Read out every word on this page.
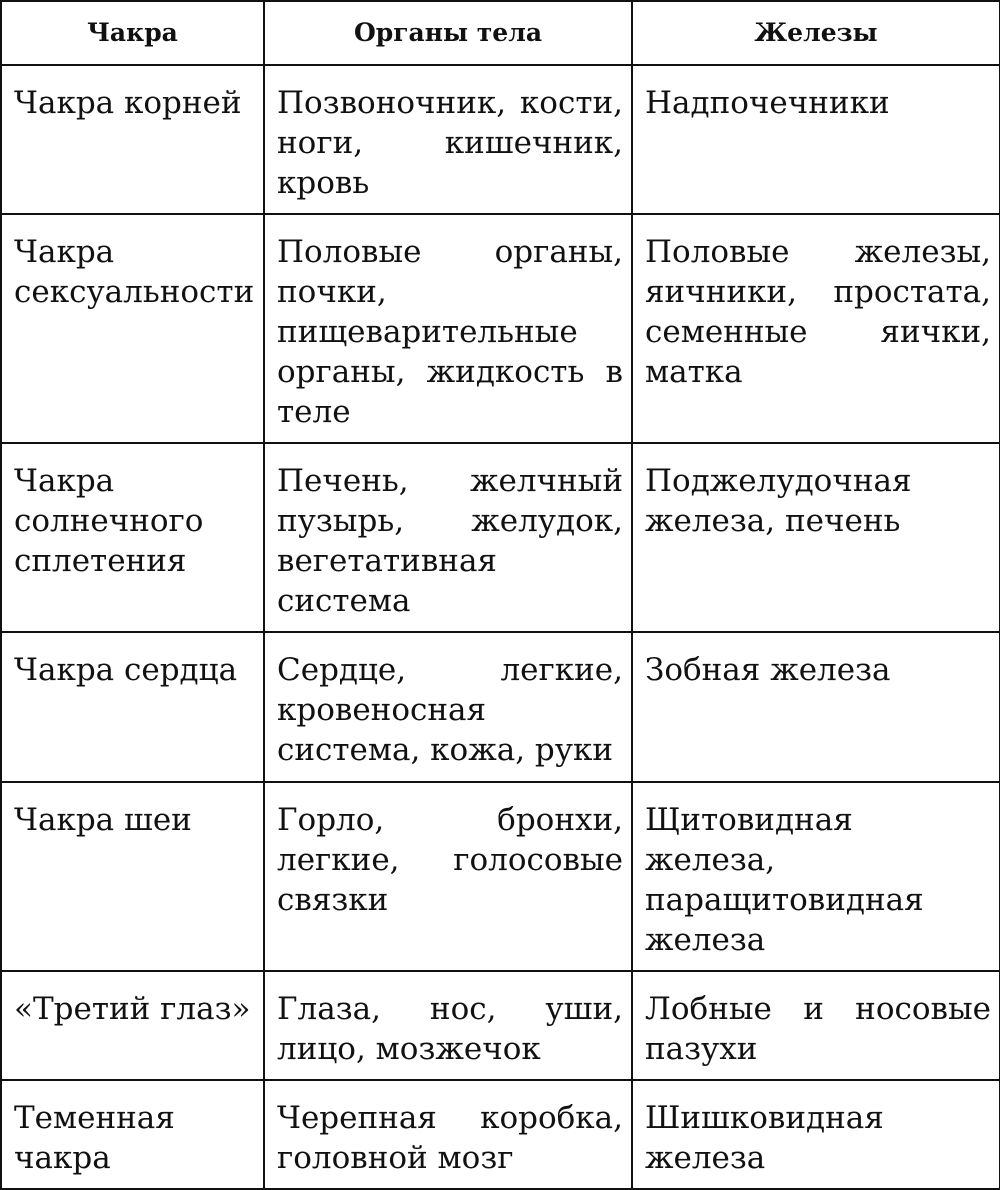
Чакра	Органы тела	Железы

Чакра корней	Позвоночник, кости, ноги, кишечник, кровь	Надпочечники

Чакра сексуальности	Половые органы, почки, пищеварительные органы, жидкость в теле	Половые железы, яичники, простата, семенные яички, матка

Чакра солнечного сплетения	Печень, желчный пузырь, желудок, вегетативная система	Поджелудочная железа, печень

Чакра сердца	Сердце, легкие, кровеносная система, кожа, руки	Зобная железа

Чакра шеи	Горло, бронхи, легкие, голосовые связки	Щитовидная железа, паращитовидная железа

«Третий глаз»	Глаза, нос, уши, лицо, мозжечок	Лобные и носовые пазухи

Теменная чакра	Черепная коробка, головной мозг	Шишковидная железа
